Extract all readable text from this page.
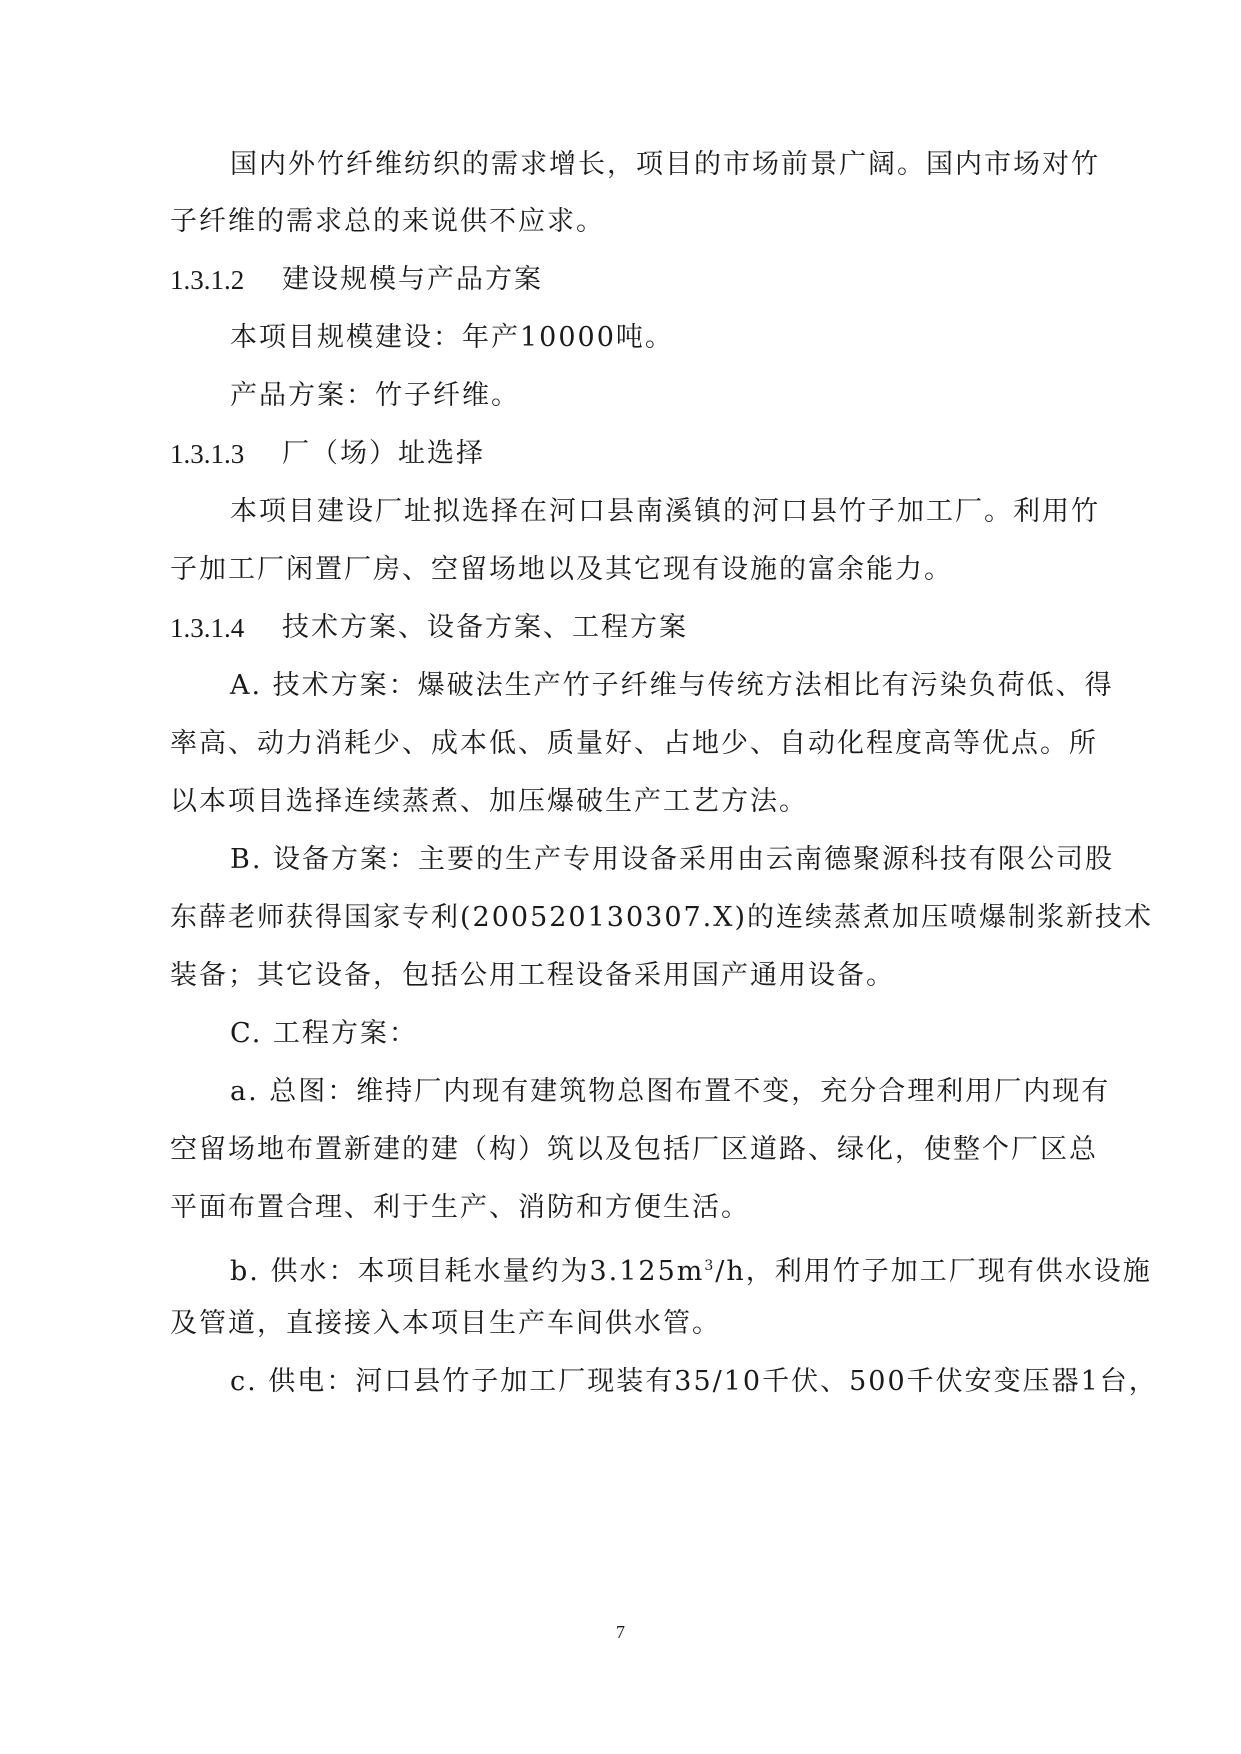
国内外竹纤维纺织的需求增长，项目的市场前景广阔。国内市场对竹
子纤维的需求总的来说供不应求。
1.3.1.2 建设规模与产品方案
本项目规模建设：年产10000吨。
产品方案：竹子纤维。
1.3.1.3 厂（场）址选择
本项目建设厂址拟选择在河口县南溪镇的河口县竹子加工厂。利用竹
子加工厂闲置厂房、空留场地以及其它现有设施的富余能力。
1.3.1.4 技术方案、设备方案、工程方案
A. 技术方案：爆破法生产竹子纤维与传统方法相比有污染负荷低、得
率高、动力消耗少、成本低、质量好、占地少、自动化程度高等优点。所
以本项目选择连续蒸煮、加压爆破生产工艺方法。
B. 设备方案：主要的生产专用设备采用由云南德聚源科技有限公司股
东薛老师获得国家专利(200520130307.X)的连续蒸煮加压喷爆制浆新技术
装备；其它设备，包括公用工程设备采用国产通用设备。
C. 工程方案：
a. 总图：维持厂内现有建筑物总图布置不变，充分合理利用厂内现有
空留场地布置新建的建（构）筑以及包括厂区道路、绿化，使整个厂区总
平面布置合理、利于生产、消防和方便生活。
b. 供水：本项目耗水量约为$3.125m^3/h$，利用竹子加工厂现有供水设施
及管道，直接接入本项目生产车间供水管。
c. 供电：河口县竹子加工厂现装有35/10千伏、500千伏安变压器1台，
7
